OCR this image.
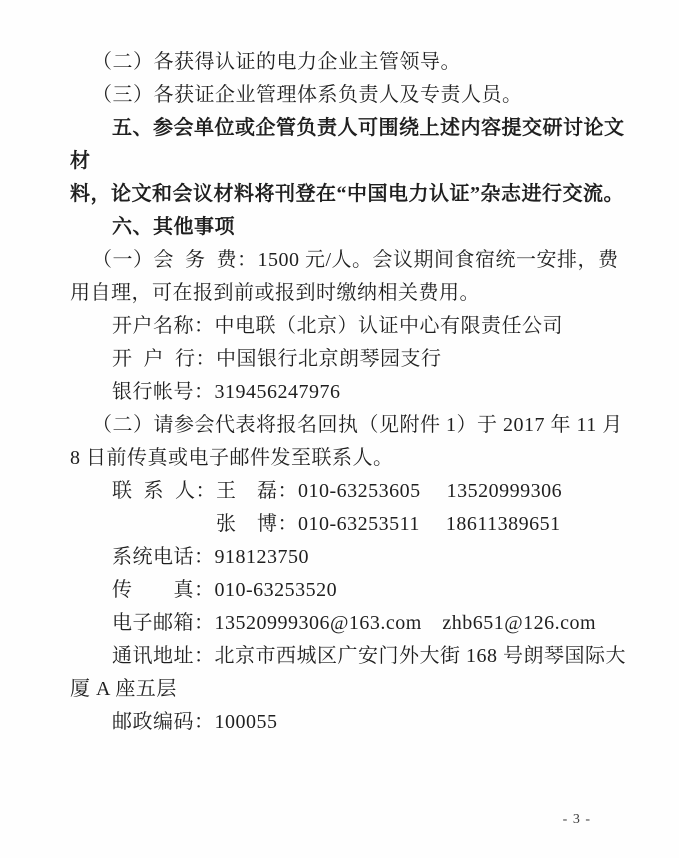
（二）各获得认证的电力企业主管领导。
（三）各获证企业管理体系负责人及专责人员。
五、参会单位或企管负责人可围绕上述内容提交研讨论文材
料，论文和会议材料将刊登在“中国电力认证”杂志进行交流。
六、其他事项
（一）会  务  费：1500 元/人。会议期间食宿统一安排，费
用自理，可在报到前或报到时缴纳相关费用。
开户名称：中电联（北京）认证中心有限责任公司
开  户  行：中国银行北京朗琴园支行
银行帐号：319456247976
（二）请参会代表将报名回执（见附件 1）于 2017 年 11 月
8 日前传真或电子邮件发至联系人。
联  系  人：王　磊：010-63253605　 13520999306
张　博：010-63253511　 18611389651
系统电话：918123750
传　　真：010-63253520
电子邮箱：13520999306@163.com　zhb651@126.com
通讯地址：北京市西城区广安门外大街 168 号朗琴国际大
厦 A 座五层
邮政编码：100055
- 3 -
